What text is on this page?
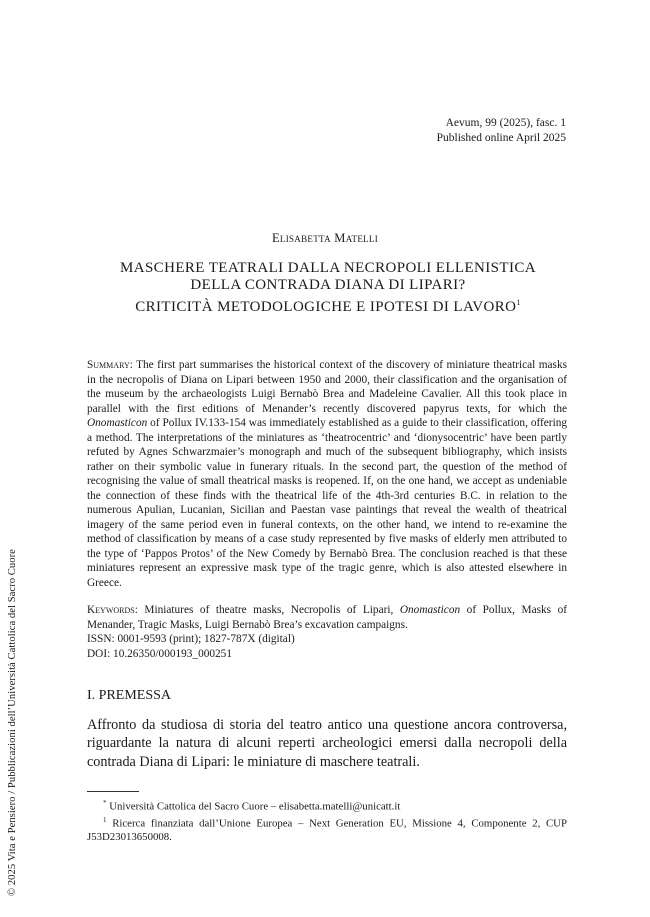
Aevum, 99 (2025), fasc. 1
Published online April 2025
Elisabetta Matelli
MASCHERE TEATRALI DALLA NECROPOLI ELLENISTICA
DELLA CONTRADA DIANA DI LIPARI?
CRITICITÀ METODOLOGICHE E IPOTESI DI LAVORO$^1$

Summary: The first part summarises the historical context of the discovery of miniature theatrical masks in the necropolis of Diana on Lipari between 1950 and 2000, their classification and the organisation of the museum by the archaeologists Luigi Bernabò Brea and Madeleine Cavalier. All this took place in parallel with the first editions of Menander’s recently discovered papyrus texts, for which the Onomasticon of Pollux IV.133-154 was immediately established as a guide to their classification, offering a method. The interpretations of the miniatures as ‘theatrocentric’ and ‘dionysocentric’ have been partly refuted by Agnes Schwarzmaier’s monograph and much of the subsequent bibliography, which insists rather on their symbolic value in funerary rituals. In the second part, the question of the method of recognising the value of small theatrical masks is reopened. If, on the one hand, we accept as undeniable the connection of these finds with the theatrical life of the 4th-3rd centuries B.C. in relation to the numerous Apulian, Lucanian, Sicilian and Paestan vase paintings that reveal the wealth of theatrical imagery of the same period even in funeral contexts, on the other hand, we intend to re-examine the method of classification by means of a case study represented by five masks of elderly men attributed to the type of ‘Pappos Protos’ of the New Comedy by Bernabò Brea. The conclusion reached is that these miniatures represent an expressive mask type of the tragic genre, which is also attested elsewhere in Greece.

Keywords: Miniatures of theatre masks, Necropolis of Lipari, Onomasticon of Pollux, Masks of Menander, Tragic Masks, Luigi Bernabò Brea’s excavation campaigns.

ISSN: 0001-9593 (print); 1827-787X (digital)
DOI: 10.26350/000193_000251
I. PREMESSA

Affronto da studiosa di storia del teatro antico una questione ancora controversa, riguardante la natura di alcuni reperti archeologici emersi dalla necropoli della contrada Diana di Lipari: le miniature di maschere teatrali.

* Università Cattolica del Sacro Cuore – elisabetta.matelli@unicatt.it

$^1$ Ricerca finanziata dall’Unione Europea – Next Generation EU, Missione 4, Componente 2, CUP J53D23013650008.

© 2025 Vita e Pensiero / Pubblicazioni dell’Università Cattolica del Sacro Cuore
